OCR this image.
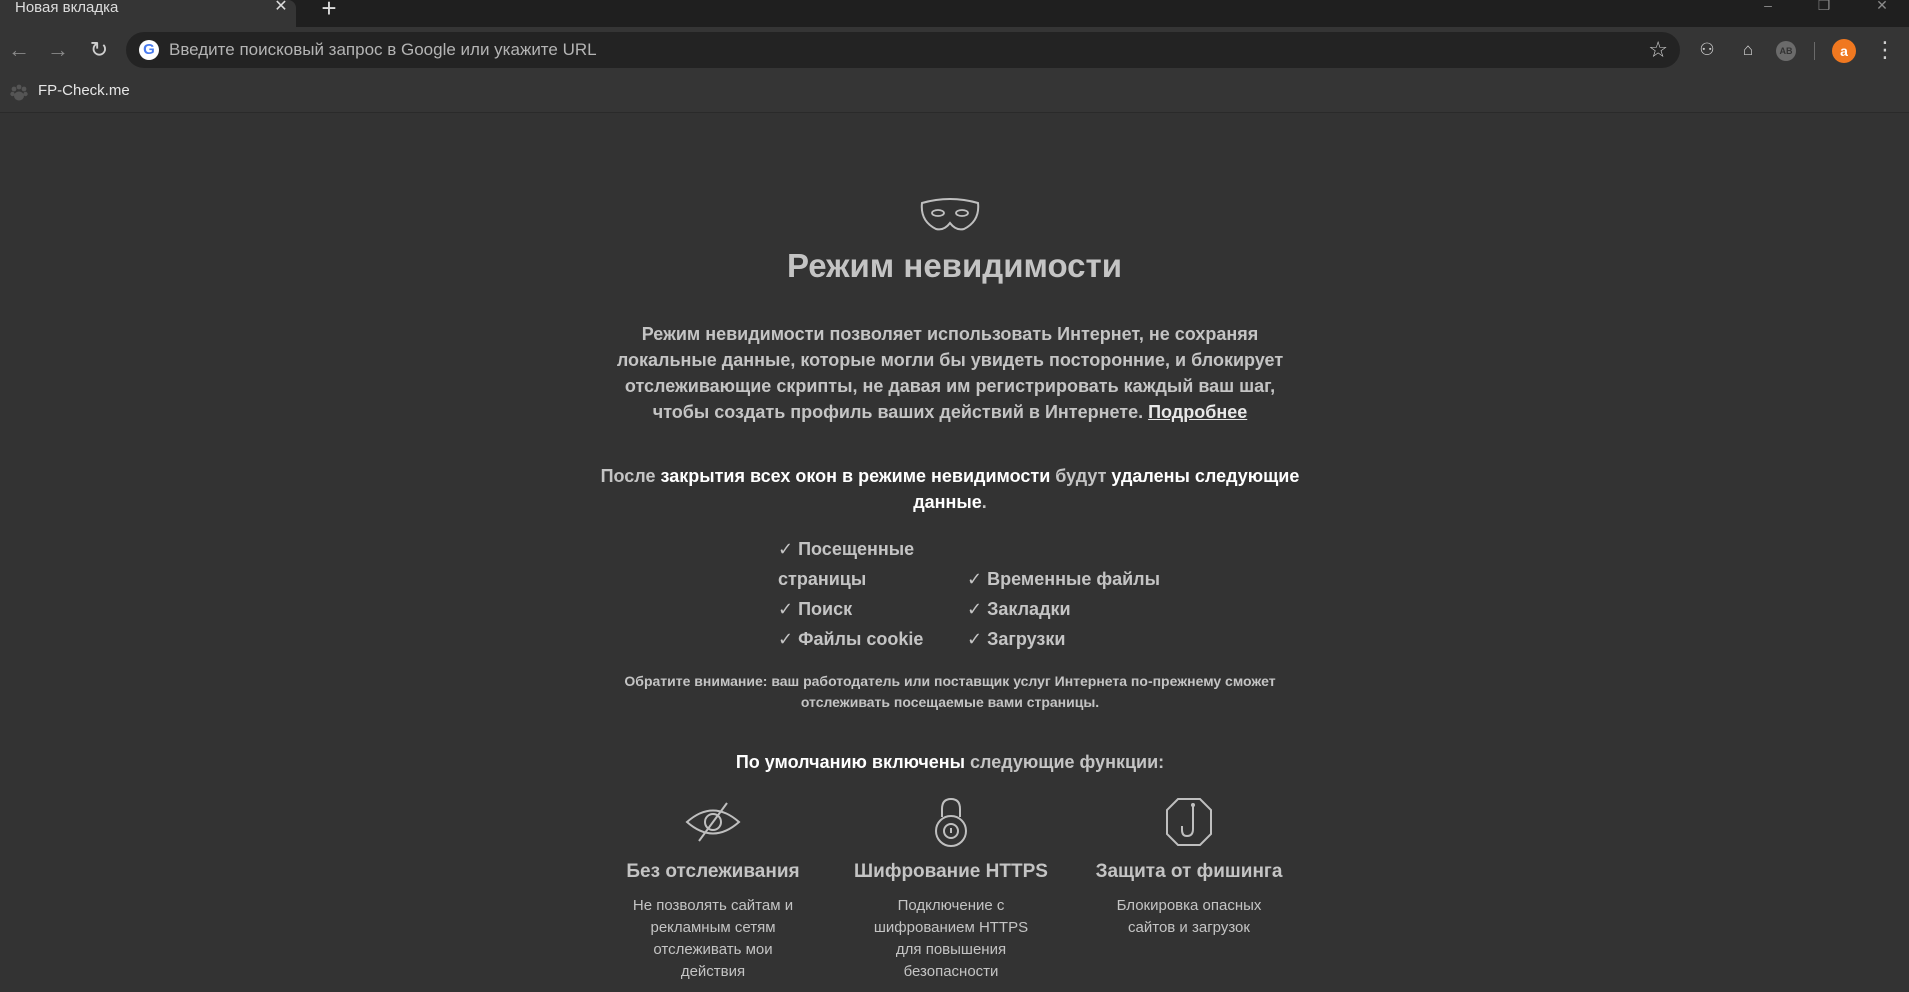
Новая вкладка	✕ +	–	❐	✕
← → ↻ G Введите поисковый запрос в Google или укажите URL	☆	⚇	⌂	AB	a	⋮
FP-Check.me
Режим невидимости
Режим невидимости позволяет использовать Интернет, не сохраняя локальные данные, которые могли бы увидеть посторонние, и блокирует отслеживающие скрипты, не давая им регистрировать каждый ваш шаг, чтобы создать профиль ваших действий в Интернете. Подробнее
После закрытия всех окон в режиме невидимости будут удалены следующие данные.
✓ Посещенные страницы
✓ Поиск
✓ Файлы cookie
✓ Временные файлы
✓ Закладки
✓ Загрузки
Обратите внимание: ваш работодатель или поставщик услуг Интернета по-прежнему сможет отслеживать посещаемые вами страницы.
По умолчанию включены следующие функции:
Без отслеживания
Не позволять сайтам и рекламным сетям отслеживать мои действия
Шифрование HTTPS
Подключение с шифрованием HTTPS для повышения безопасности
Защита от фишинга
Блокировка опасных сайтов и загрузок
